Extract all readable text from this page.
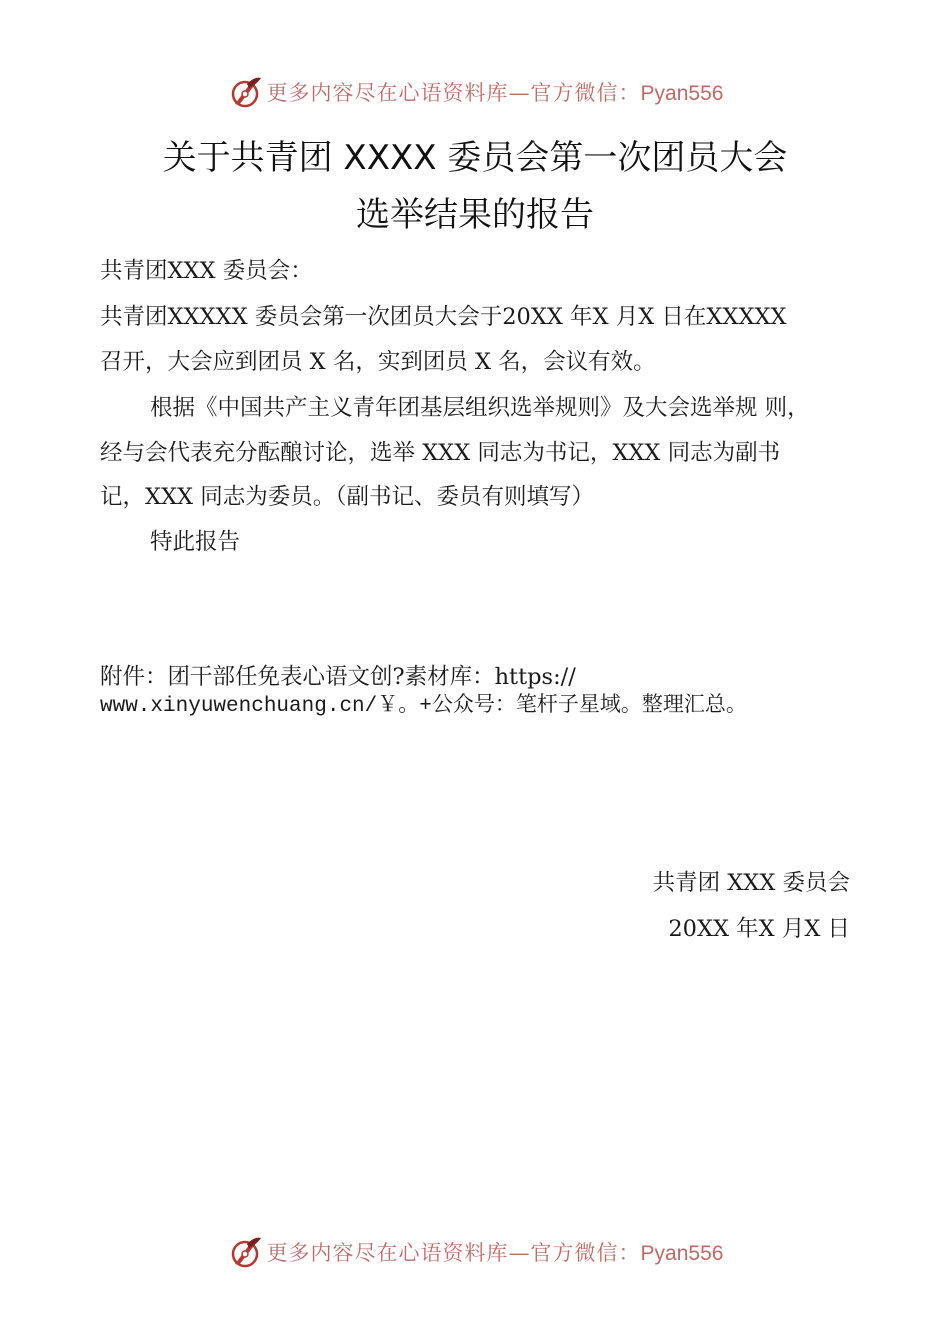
更多内容尽在心语资料库—官方微信：Pyan556
关于共青团 XXXX 委员会第一次团员大会
选举结果的报告
共青团XXX 委员会：
共青团XXXXX 委员会第一次团员大会于20XX 年X 月X 日在XXXXX
召开，大会应到团员 X 名，实到团员 X 名，会议有效。
根据《中国共产主义青年团基层组织选举规则》及大会选举规 则，
经与会代表充分酝酿讨论，选举 XXX 同志为书记，XXX 同志为副书
记，XXX 同志为委员。（副书记、委员有则填写）
特此报告
附件：团干部任免表心语文创?素材库：https://
www.xinyuwenchuang.cn/￥。+公众号：笔杆子星域。整理汇总。
共青团 XXX 委员会
20XX 年X 月X 日
更多内容尽在心语资料库—官方微信：Pyan556
